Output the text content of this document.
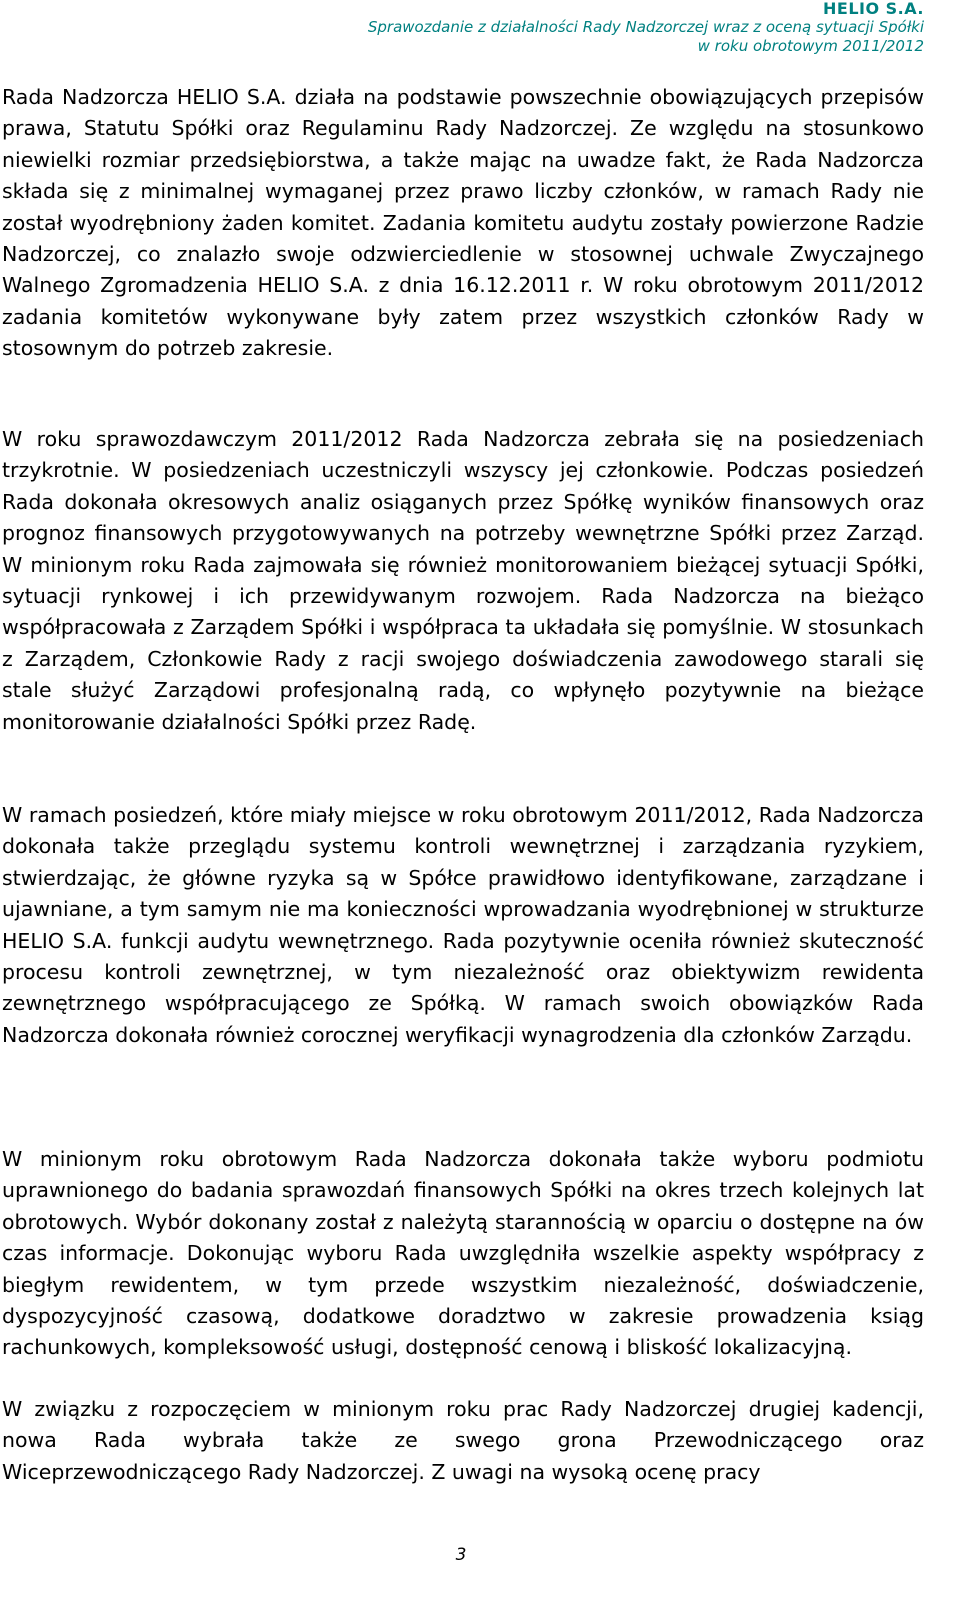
HELIO S.A.
Sprawozdanie z działalności Rady Nadzorczej wraz z oceną sytuacji Spółki
w roku obrotowym 2011/2012

Rada Nadzorcza HELIO S.A. działa na podstawie powszechnie obowiązujących przepisów prawa, Statutu Spółki oraz Regulaminu Rady Nadzorczej. Ze względu na stosunkowo niewielki rozmiar przedsiębiorstwa, a także mając na uwadze fakt, że Rada Nadzorcza składa się z minimalnej wymaganej przez prawo liczby członków, w ramach Rady nie został wyodrębniony żaden komitet. Zadania komitetu audytu zostały powierzone Radzie Nadzorczej, co znalazło swoje odzwierciedlenie w stosownej uchwale Zwyczajnego Walnego Zgromadzenia HELIO S.A. z dnia 16.12.2011 r. W roku obrotowym 2011/2012 zadania komitetów wykonywane były zatem przez wszystkich członków Rady w stosownym do potrzeb zakresie.

W roku sprawozdawczym 2011/2012 Rada Nadzorcza zebrała się na posiedzeniach trzykrotnie. W posiedzeniach uczestniczyli wszyscy jej członkowie. Podczas posiedzeń Rada dokonała okresowych analiz osiąganych przez Spółkę wyników finansowych oraz prognoz finansowych przygotowywanych na potrzeby wewnętrzne Spółki przez Zarząd. W minionym roku Rada zajmowała się również monitorowaniem bieżącej sytuacji Spółki, sytuacji rynkowej i ich przewidywanym rozwojem. Rada Nadzorcza na bieżąco współpracowała z Zarządem Spółki i współpraca ta układała się pomyślnie. W stosunkach z Zarządem, Członkowie Rady z racji swojego doświadczenia zawodowego starali się stale służyć Zarządowi profesjonalną radą, co wpłynęło pozytywnie na bieżące monitorowanie działalności Spółki przez Radę.

W ramach posiedzeń, które miały miejsce w roku obrotowym 2011/2012, Rada Nadzorcza dokonała także przeglądu systemu kontroli wewnętrznej i zarządzania ryzykiem, stwierdzając, że główne ryzyka są w Spółce prawidłowo identyfikowane, zarządzane i ujawniane, a tym samym nie ma konieczności wprowadzania wyodrębnionej w strukturze HELIO S.A. funkcji audytu wewnętrznego. Rada pozytywnie oceniła również skuteczność procesu kontroli zewnętrznej, w tym niezależność oraz obiektywizm rewidenta zewnętrznego współpracującego ze Spółką. W ramach swoich obowiązków Rada Nadzorcza dokonała również corocznej weryfikacji wynagrodzenia dla członków Zarządu.

W minionym roku obrotowym Rada Nadzorcza dokonała także wyboru podmiotu uprawnionego do badania sprawozdań finansowych Spółki na okres trzech kolejnych lat obrotowych. Wybór dokonany został z należytą starannością w oparciu o dostępne na ów czas informacje. Dokonując wyboru Rada uwzględniła wszelkie aspekty współpracy z biegłym rewidentem, w tym przede wszystkim niezależność, doświadczenie, dyspozycyjność czasową, dodatkowe doradztwo w zakresie prowadzenia ksiąg rachunkowych, kompleksowość usługi, dostępność cenową i bliskość lokalizacyjną.

W związku z rozpoczęciem w minionym roku prac Rady Nadzorczej drugiej kadencji, nowa Rada wybrała także ze swego grona Przewodniczącego oraz Wiceprzewodniczącego Rady Nadzorczej. Z uwagi na wysoką ocenę pracy

3
